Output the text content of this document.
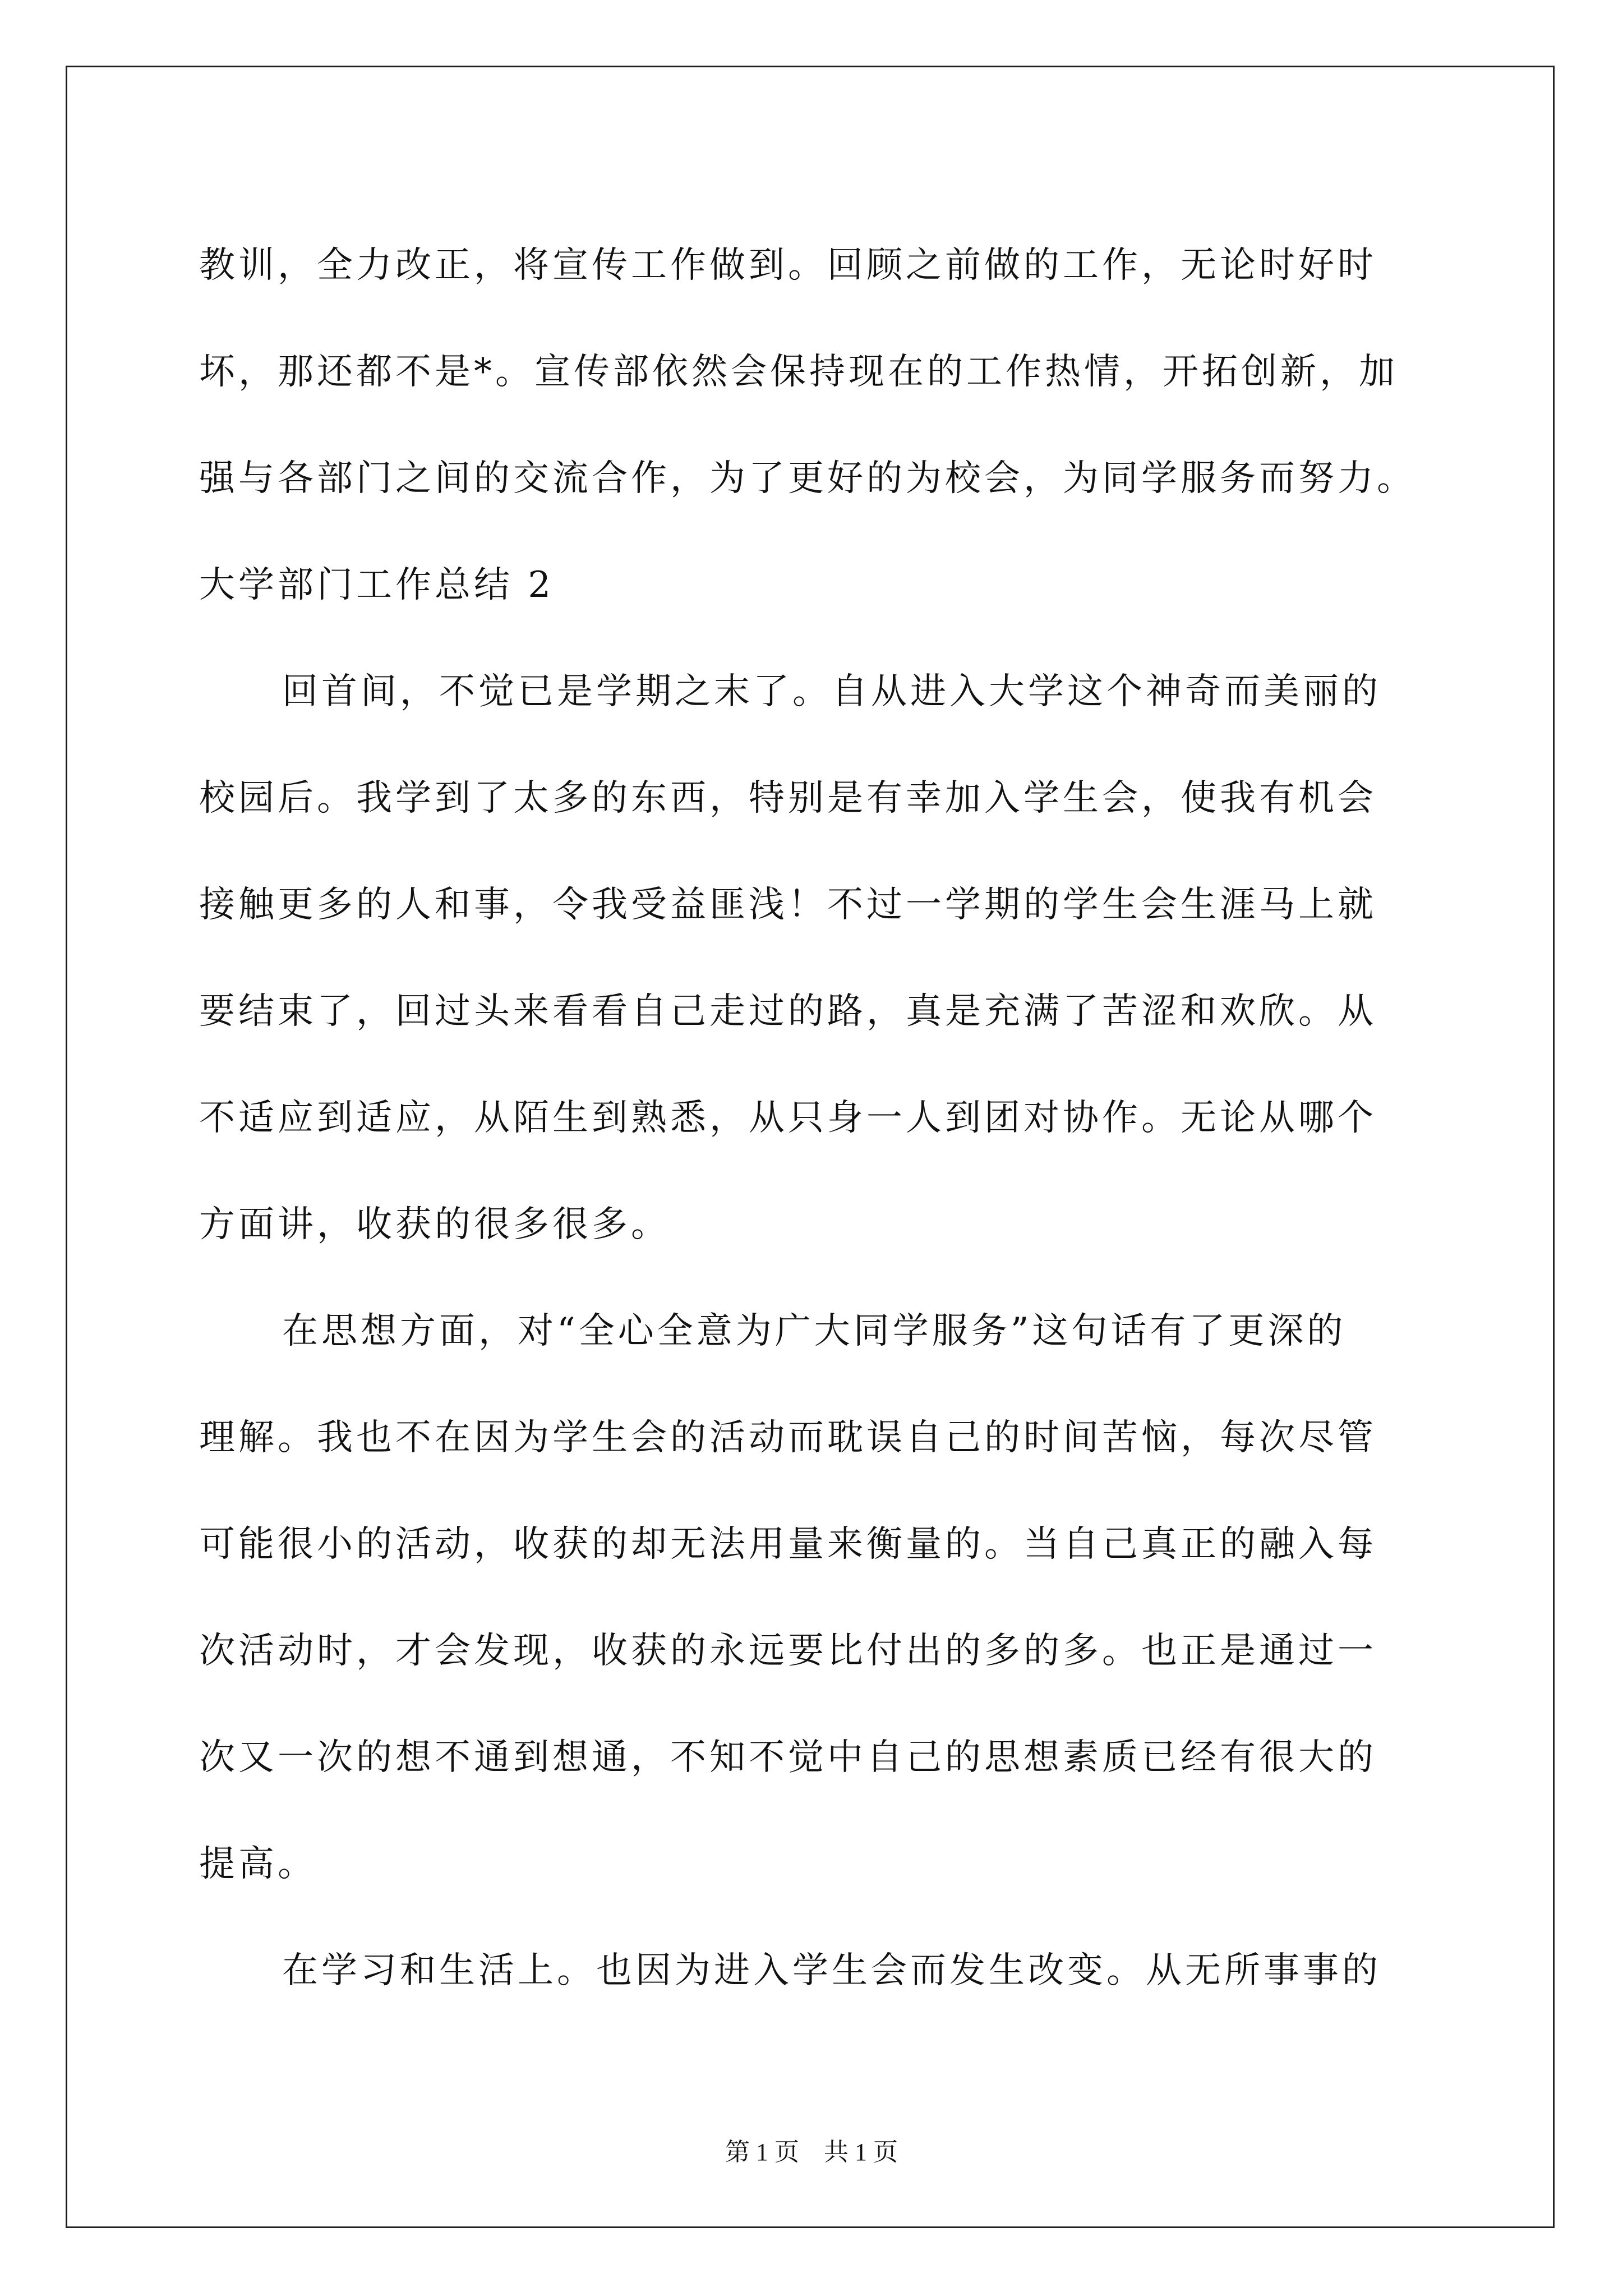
教训，全力改正，将宣传工作做到。回顾之前做的工作，无论时好时
坏，那还都不是*。宣传部依然会保持现在的工作热情，开拓创新，加
强与各部门之间的交流合作，为了更好的为校会，为同学服务而努力。
大学部门工作总结 2
回首间，不觉已是学期之末了。自从进入大学这个神奇而美丽的
校园后。我学到了太多的东西，特别是有幸加入学生会，使我有机会
接触更多的人和事，令我受益匪浅！不过一学期的学生会生涯马上就
要结束了，回过头来看看自己走过的路，真是充满了苦涩和欢欣。从
不适应到适应，从陌生到熟悉，从只身一人到团对协作。无论从哪个
方面讲，收获的很多很多。
在思想方面，对“全心全意为广大同学服务”这句话有了更深的
理解。我也不在因为学生会的活动而耽误自己的时间苦恼，每次尽管
可能很小的活动，收获的却无法用量来衡量的。当自己真正的融入每
次活动时，才会发现，收获的永远要比付出的多的多。也正是通过一
次又一次的想不通到想通，不知不觉中自己的思想素质已经有很大的
提高。
在学习和生活上。也因为进入学生会而发生改变。从无所事事的
第 1 页    共 1 页
